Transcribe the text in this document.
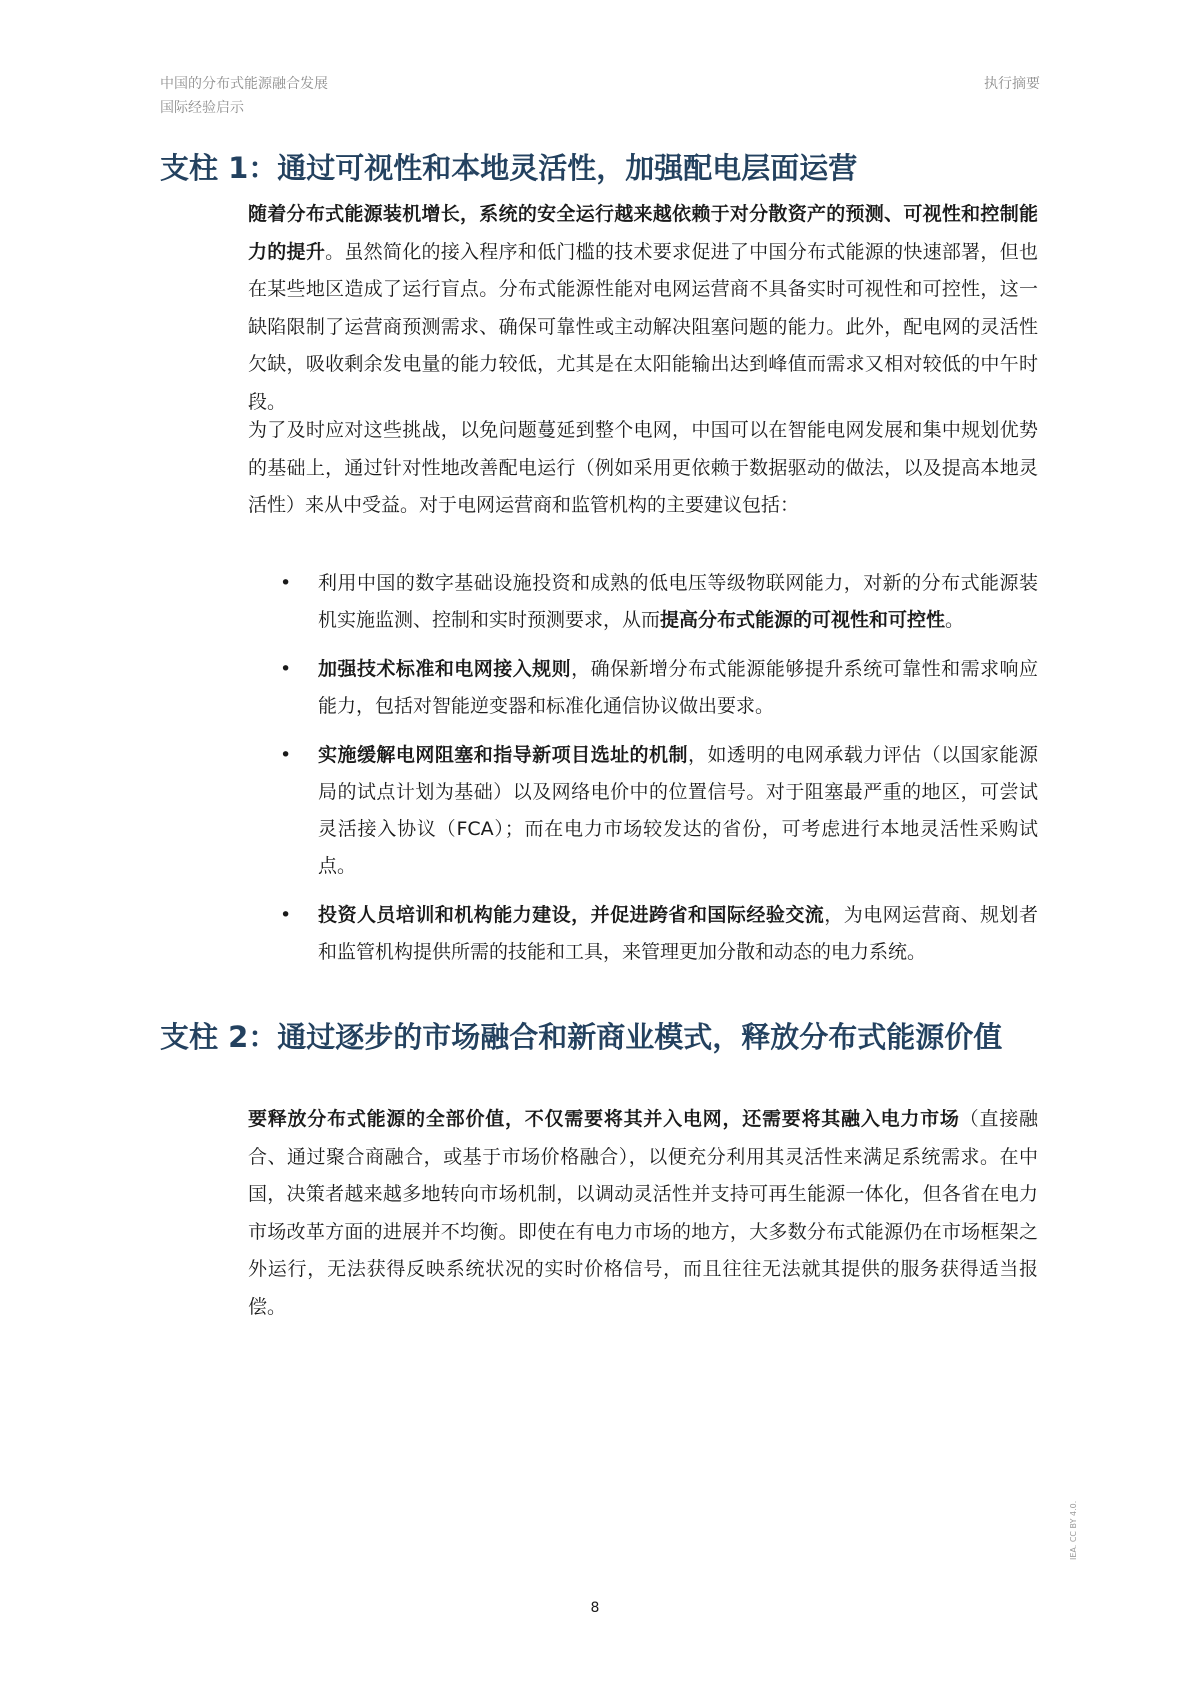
中国的分布式能源融合发展
国际经验启示
执行摘要
支柱 1：通过可视性和本地灵活性，加强配电层面运营

随着分布式能源装机增长，系统的安全运行越来越依赖于对分散资产的预测、可视性和控制能力的提升。虽然简化的接入程序和低门槛的技术要求促进了中国分布式能源的快速部署，但也在某些地区造成了运行盲点。分布式能源性能对电网运营商不具备实时可视性和可控性，这一缺陷限制了运营商预测需求、确保可靠性或主动解决阻塞问题的能力。此外，配电网的灵活性欠缺，吸收剩余发电量的能力较低，尤其是在太阳能输出达到峰值而需求又相对较低的中午时段。

为了及时应对这些挑战，以免问题蔓延到整个电网，中国可以在智能电网发展和集中规划优势的基础上，通过针对性地改善配电运行（例如采用更依赖于数据驱动的做法，以及提高本地灵活性）来从中受益。对于电网运营商和监管机构的主要建议包括：

• 利用中国的数字基础设施投资和成熟的低电压等级物联网能力，对新的分布式能源装机实施监测、控制和实时预测要求，从而提高分布式能源的可视性和可控性。
• 加强技术标准和电网接入规则，确保新增分布式能源能够提升系统可靠性和需求响应能力，包括对智能逆变器和标准化通信协议做出要求。
• 实施缓解电网阻塞和指导新项目选址的机制，如透明的电网承载力评估（以国家能源局的试点计划为基础）以及网络电价中的位置信号。对于阻塞最严重的地区，可尝试灵活接入协议（FCA）；而在电力市场较发达的省份，可考虑进行本地灵活性采购试点。
• 投资人员培训和机构能力建设，并促进跨省和国际经验交流，为电网运营商、规划者和监管机构提供所需的技能和工具，来管理更加分散和动态的电力系统。
支柱 2：通过逐步的市场融合和新商业模式，释放分布式能源价值

要释放分布式能源的全部价值，不仅需要将其并入电网，还需要将其融入电力市场（直接融合、通过聚合商融合，或基于市场价格融合），以便充分利用其灵活性来满足系统需求。在中国，决策者越来越多地转向市场机制，以调动灵活性并支持可再生能源一体化，但各省在电力市场改革方面的进展并不均衡。即使在有电力市场的地方，大多数分布式能源仍在市场框架之外运行，无法获得反映系统状况的实时价格信号，而且往往无法就其提供的服务获得适当报偿。

8
IEA. CC BY 4.0.
